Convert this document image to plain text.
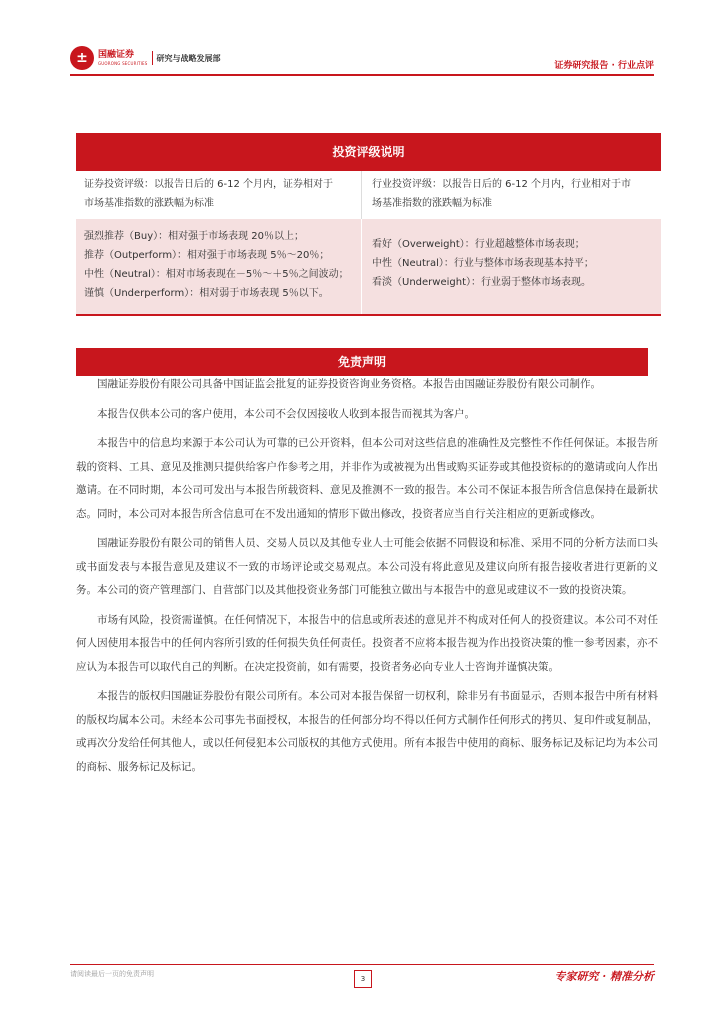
±	国融证券
GUORONG SECURITIES
研究与战略发展部
证券研究报告 · 行业点评
投资评级说明
证券投资评级：以报告日后的 6-12 个月内，证券相对于
市场基准指数的涨跌幅为标准
行业投资评级：以报告日后的 6-12 个月内，行业相对于市
场基准指数的涨跌幅为标准
强烈推荐（Buy）：相对强于市场表现 20％以上；
推荐（Outperform）：相对强于市场表现 5％～20％；
中性（Neutral）：相对市场表现在－5％～＋5％之间波动；
谨慎（Underperform）：相对弱于市场表现 5％以下。
看好（Overweight）：行业超越整体市场表现；
中性（Neutral）：行业与整体市场表现基本持平；
看淡（Underweight）：行业弱于整体市场表现。
免责声明

国融证券股份有限公司具备中国证监会批复的证券投资咨询业务资格。本报告由国融证券股份有限公司制作。

本报告仅供本公司的客户使用，本公司不会仅因接收人收到本报告而视其为客户。

本报告中的信息均来源于本公司认为可靠的已公开资料，但本公司对这些信息的准确性及完整性不作任何保证。本报告所载的资料、工具、意见及推测只提供给客户作参考之用，并非作为或被视为出售或购买证券或其他投资标的的邀请或向人作出邀请。在不同时期，本公司可发出与本报告所载资料、意见及推测不一致的报告。本公司不保证本报告所含信息保持在最新状态。同时，本公司对本报告所含信息可在不发出通知的情形下做出修改，投资者应当自行关注相应的更新或修改。

国融证券股份有限公司的销售人员、交易人员以及其他专业人士可能会依据不同假设和标准、采用不同的分析方法而口头或书面发表与本报告意见及建议不一致的市场评论或交易观点。本公司没有将此意见及建议向所有报告接收者进行更新的义务。本公司的资产管理部门、自营部门以及其他投资业务部门可能独立做出与本报告中的意见或建议不一致的投资决策。

市场有风险，投资需谨慎。在任何情况下，本报告中的信息或所表述的意见并不构成对任何人的投资建议。本公司不对任何人因使用本报告中的任何内容所引致的任何损失负任何责任。投资者不应将本报告视为作出投资决策的惟一参考因素，亦不应认为本报告可以取代自己的判断。在决定投资前，如有需要，投资者务必向专业人士咨询并谨慎决策。

本报告的版权归国融证券股份有限公司所有。本公司对本报告保留一切权利，除非另有书面显示，否则本报告中所有材料的版权均属本公司。未经本公司事先书面授权，本报告的任何部分均不得以任何方式制作任何形式的拷贝、复印件或复制品，或再次分发给任何其他人，或以任何侵犯本公司版权的其他方式使用。所有本报告中使用的商标、服务标记及标记均为本公司的商标、服务标记及标记。

请阅读最后一页的免责声明
3	专家研究 · 精准分析
